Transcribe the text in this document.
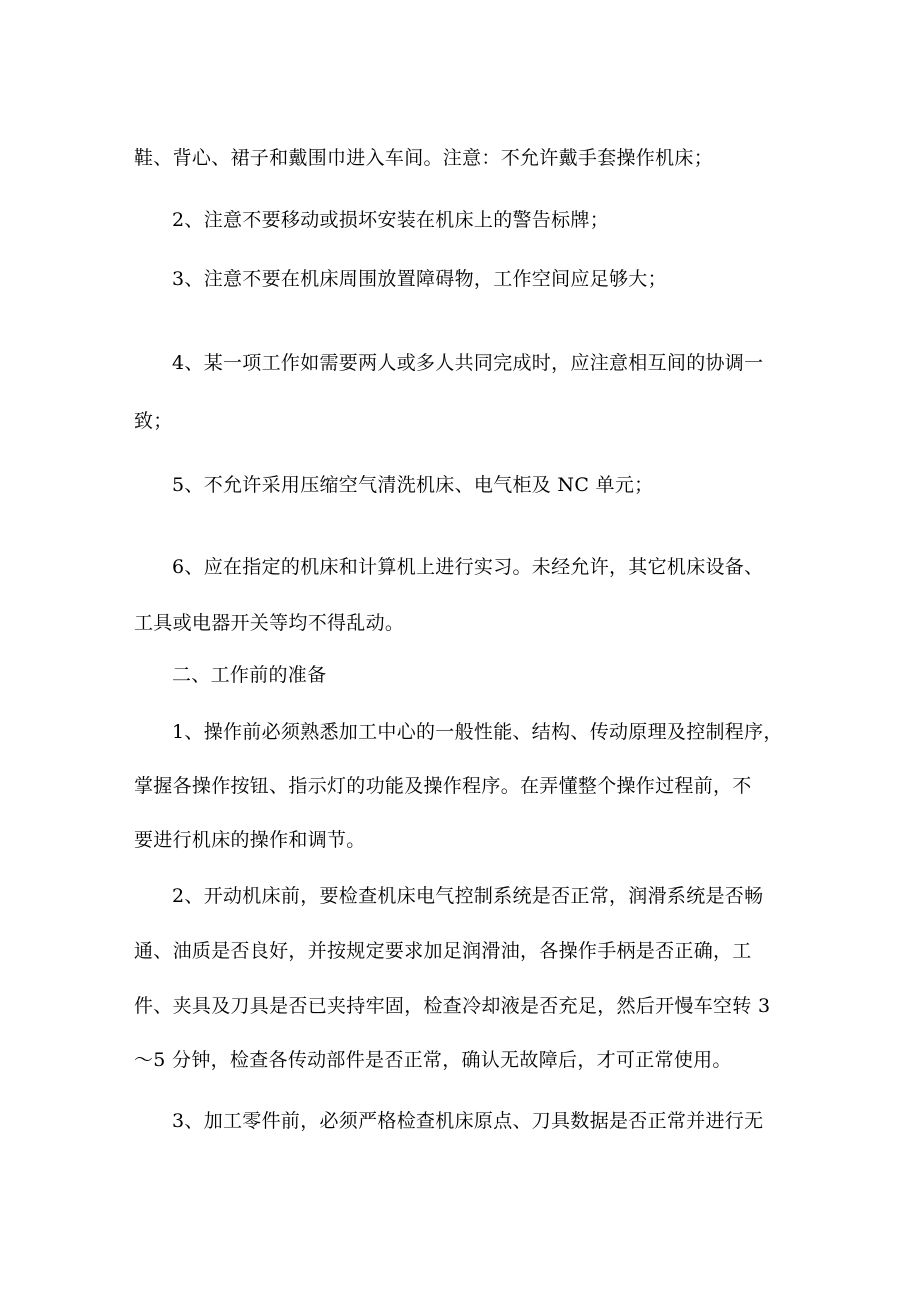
鞋、背心、裙子和戴围巾进入车间。注意：不允许戴手套操作机床；
2、注意不要移动或损坏安装在机床上的警告标牌；
3、注意不要在机床周围放置障碍物，工作空间应足够大；
4、某一项工作如需要两人或多人共同完成时，应注意相互间的协调一
致；
5、不允许采用压缩空气清洗机床、电气柜及 NC 单元；
6、应在指定的机床和计算机上进行实习。未经允许，其它机床设备、
工具或电器开关等均不得乱动。
二、工作前的准备
1、操作前必须熟悉加工中心的一般性能、结构、传动原理及控制程序，
掌握各操作按钮、指示灯的功能及操作程序。在弄懂整个操作过程前，不
要进行机床的操作和调节。
2、开动机床前，要检查机床电气控制系统是否正常，润滑系统是否畅
通、油质是否良好，并按规定要求加足润滑油，各操作手柄是否正确，工
件、夹具及刀具是否已夹持牢固，检查冷却液是否充足，然后开慢车空转 3
～5 分钟，检查各传动部件是否正常，确认无故障后，才可正常使用。
3、加工零件前，必须严格检查机床原点、刀具数据是否正常并进行无
